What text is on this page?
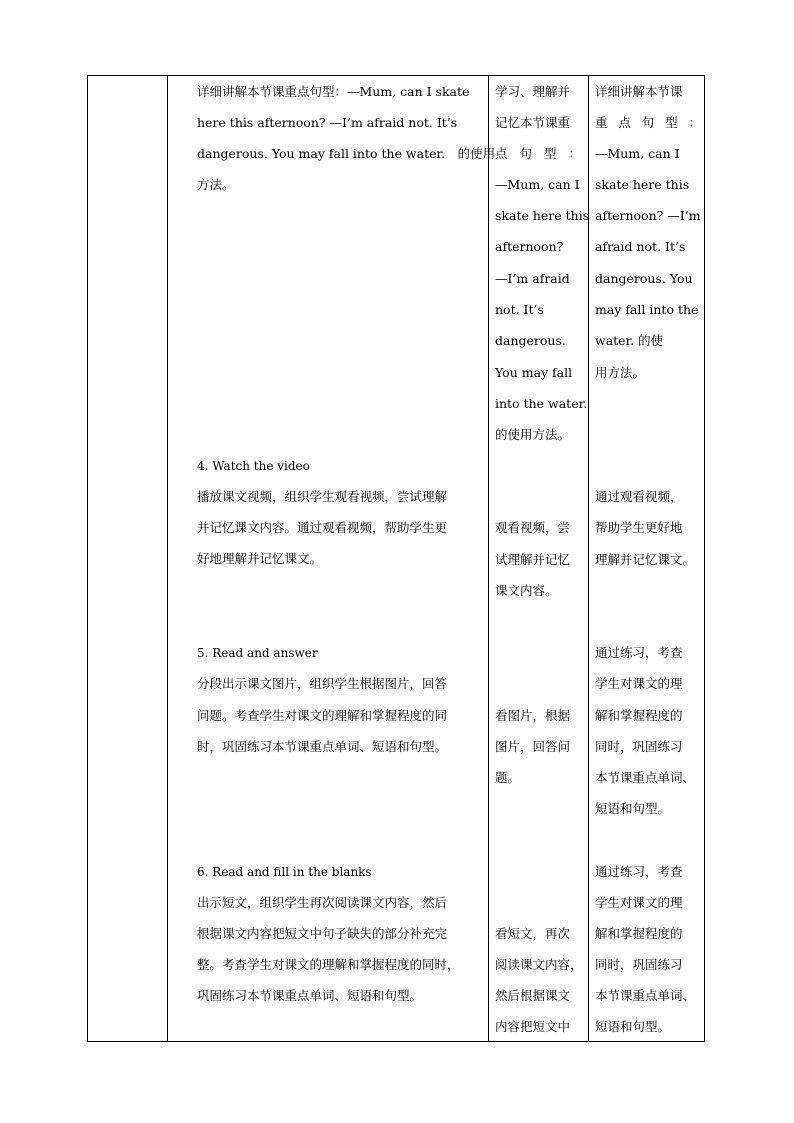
详细讲解本节课重点句型：—Mum, can I skate
here this afternoon? —I’m afraid not. It’s
dangerous. You may fall into the water.　的使用
方法。
4. Watch the video
播放课文视频，组织学生观看视频，尝试理解
并记忆课文内容。通过观看视频，帮助学生更
好地理解并记忆课文。
5. Read and answer
分段出示课文图片，组织学生根据图片，回答
问题。考查学生对课文的理解和掌握程度的同
时，巩固练习本节课重点单词、短语和句型。
6. Read and fill in the blanks
出示短文，组织学生再次阅读课文内容，然后
根据课文内容把短文中句子缺失的部分补充完
整。考查学生对课文的理解和掌握程度的同时，
巩固练习本节课重点单词、短语和句型。
学习、理解并
记忆本节课重
点 句 型 ：
—Mum, can I
skate here this
afternoon?
—I’m afraid
not. It’s
dangerous.
You may fall
into the water.
的使用方法。
观看视频，尝
试理解并记忆
课文内容。
看图片，根据
图片，回答问
题。
看短文，再次
阅读课文内容，
然后根据课文
内容把短文中
详细讲解本节课
重 点 句 型 ：
—Mum, can I
skate here this
afternoon? —I’m
afraid not. It’s
dangerous. You
may fall into the
water. 的使
用方法。
通过观看视频，
帮助学生更好地
理解并记忆课文。
通过练习，考查
学生对课文的理
解和掌握程度的
同时，巩固练习
本节课重点单词、
短语和句型。
通过练习，考查
学生对课文的理
解和掌握程度的
同时，巩固练习
本节课重点单词、
短语和句型。
